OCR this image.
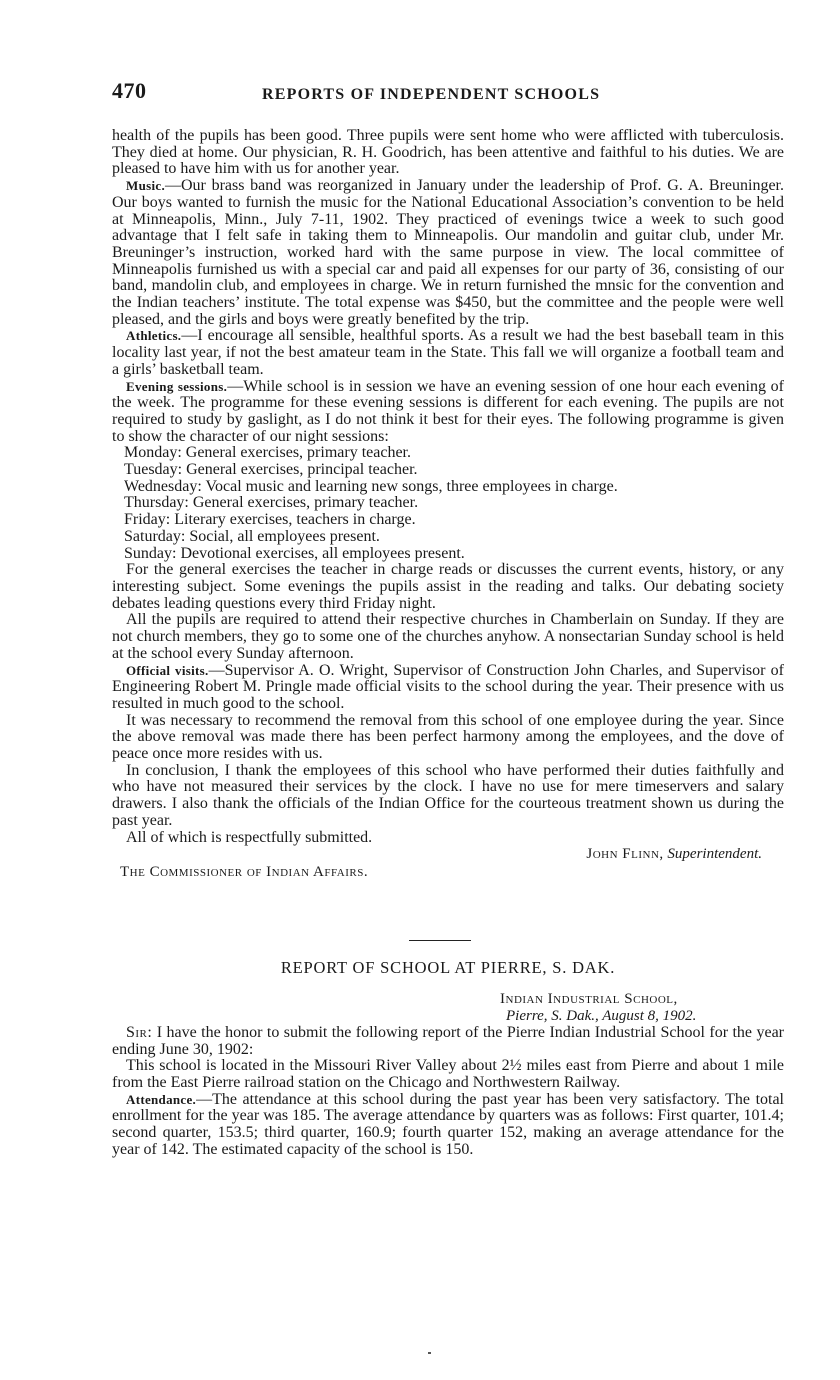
470	REPORTS OF INDEPENDENT SCHOOLS

health of the pupils has been good. Three pupils were sent home who were afflicted with tuberculosis. They died at home. Our physician, R. H. Goodrich, has been attentive and faithful to his duties. We are pleased to have him with us for another year.

Music.—Our brass band was reorganized in January under the leadership of Prof. G. A. Breuninger. Our boys wanted to furnish the music for the National Educational Association’s convention to be held at Minneapolis, Minn., July 7-11, 1902. They practiced of evenings twice a week to such good advantage that I felt safe in taking them to Minneapolis. Our mandolin and guitar club, under Mr. Breuninger’s instruction, worked hard with the same purpose in view. The local committee of Minneapolis furnished us with a special car and paid all expenses for our party of 36, consisting of our band, mandolin club, and employees in charge. We in return furnished the mnsic for the convention and the Indian teachers’ institute. The total expense was $450, but the committee and the people were well pleased, and the girls and boys were greatly benefited by the trip.

Athletics.—I encourage all sensible, healthful sports. As a result we had the best baseball team in this locality last year, if not the best amateur team in the State. This fall we will organize a football team and a girls’ basketball team.

Evening sessions.—While school is in session we have an evening session of one hour each evening of the week. The programme for these evening sessions is different for each evening. The pupils are not required to study by gaslight, as I do not think it best for their eyes. The following programme is given to show the character of our night sessions:

Monday: General exercises, primary teacher.
Tuesday: General exercises, principal teacher.
Wednesday: Vocal music and learning new songs, three employees in charge.
Thursday: General exercises, primary teacher.
Friday: Literary exercises, teachers in charge.
Saturday: Social, all employees present.
Sunday: Devotional exercises, all employees present.

For the general exercises the teacher in charge reads or discusses the current events, history, or any interesting subject. Some evenings the pupils assist in the reading and talks. Our debating society debates leading questions every third Friday night.

All the pupils are required to attend their respective churches in Chamberlain on Sunday. If they are not church members, they go to some one of the churches anyhow. A nonsectarian Sunday school is held at the school every Sunday afternoon.

Official visits.—Supervisor A. O. Wright, Supervisor of Construction John Charles, and Supervisor of Engineering Robert M. Pringle made official visits to the school during the year. Their presence with us resulted in much good to the school.

It was necessary to recommend the removal from this school of one employee during the year. Since the above removal was made there has been perfect harmony among the employees, and the dove of peace once more resides with us.

In conclusion, I thank the employees of this school who have performed their duties faithfully and who have not measured their services by the clock. I have no use for mere timeservers and salary drawers. I also thank the officials of the Indian Office for the courteous treatment shown us during the past year.

All of which is respectfully submitted.

John Flinn, Superintendent.
The Commissioner of Indian Affairs.
REPORT OF SCHOOL AT PIERRE, S. DAK.
Indian Industrial School,
Pierre, S. Dak., August 8, 1902.

Sir: I have the honor to submit the following report of the Pierre Indian Industrial School for the year ending June 30, 1902:

This school is located in the Missouri River Valley about 2½ miles east from Pierre and about 1 mile from the East Pierre railroad station on the Chicago and Northwestern Railway.

Attendance.—The attendance at this school during the past year has been very satisfactory. The total enrollment for the year was 185. The average attendance by quarters was as follows: First quarter, 101.4; second quarter, 153.5; third quarter, 160.9; fourth quarter 152, making an average attendance for the year of 142. The estimated capacity of the school is 150.
